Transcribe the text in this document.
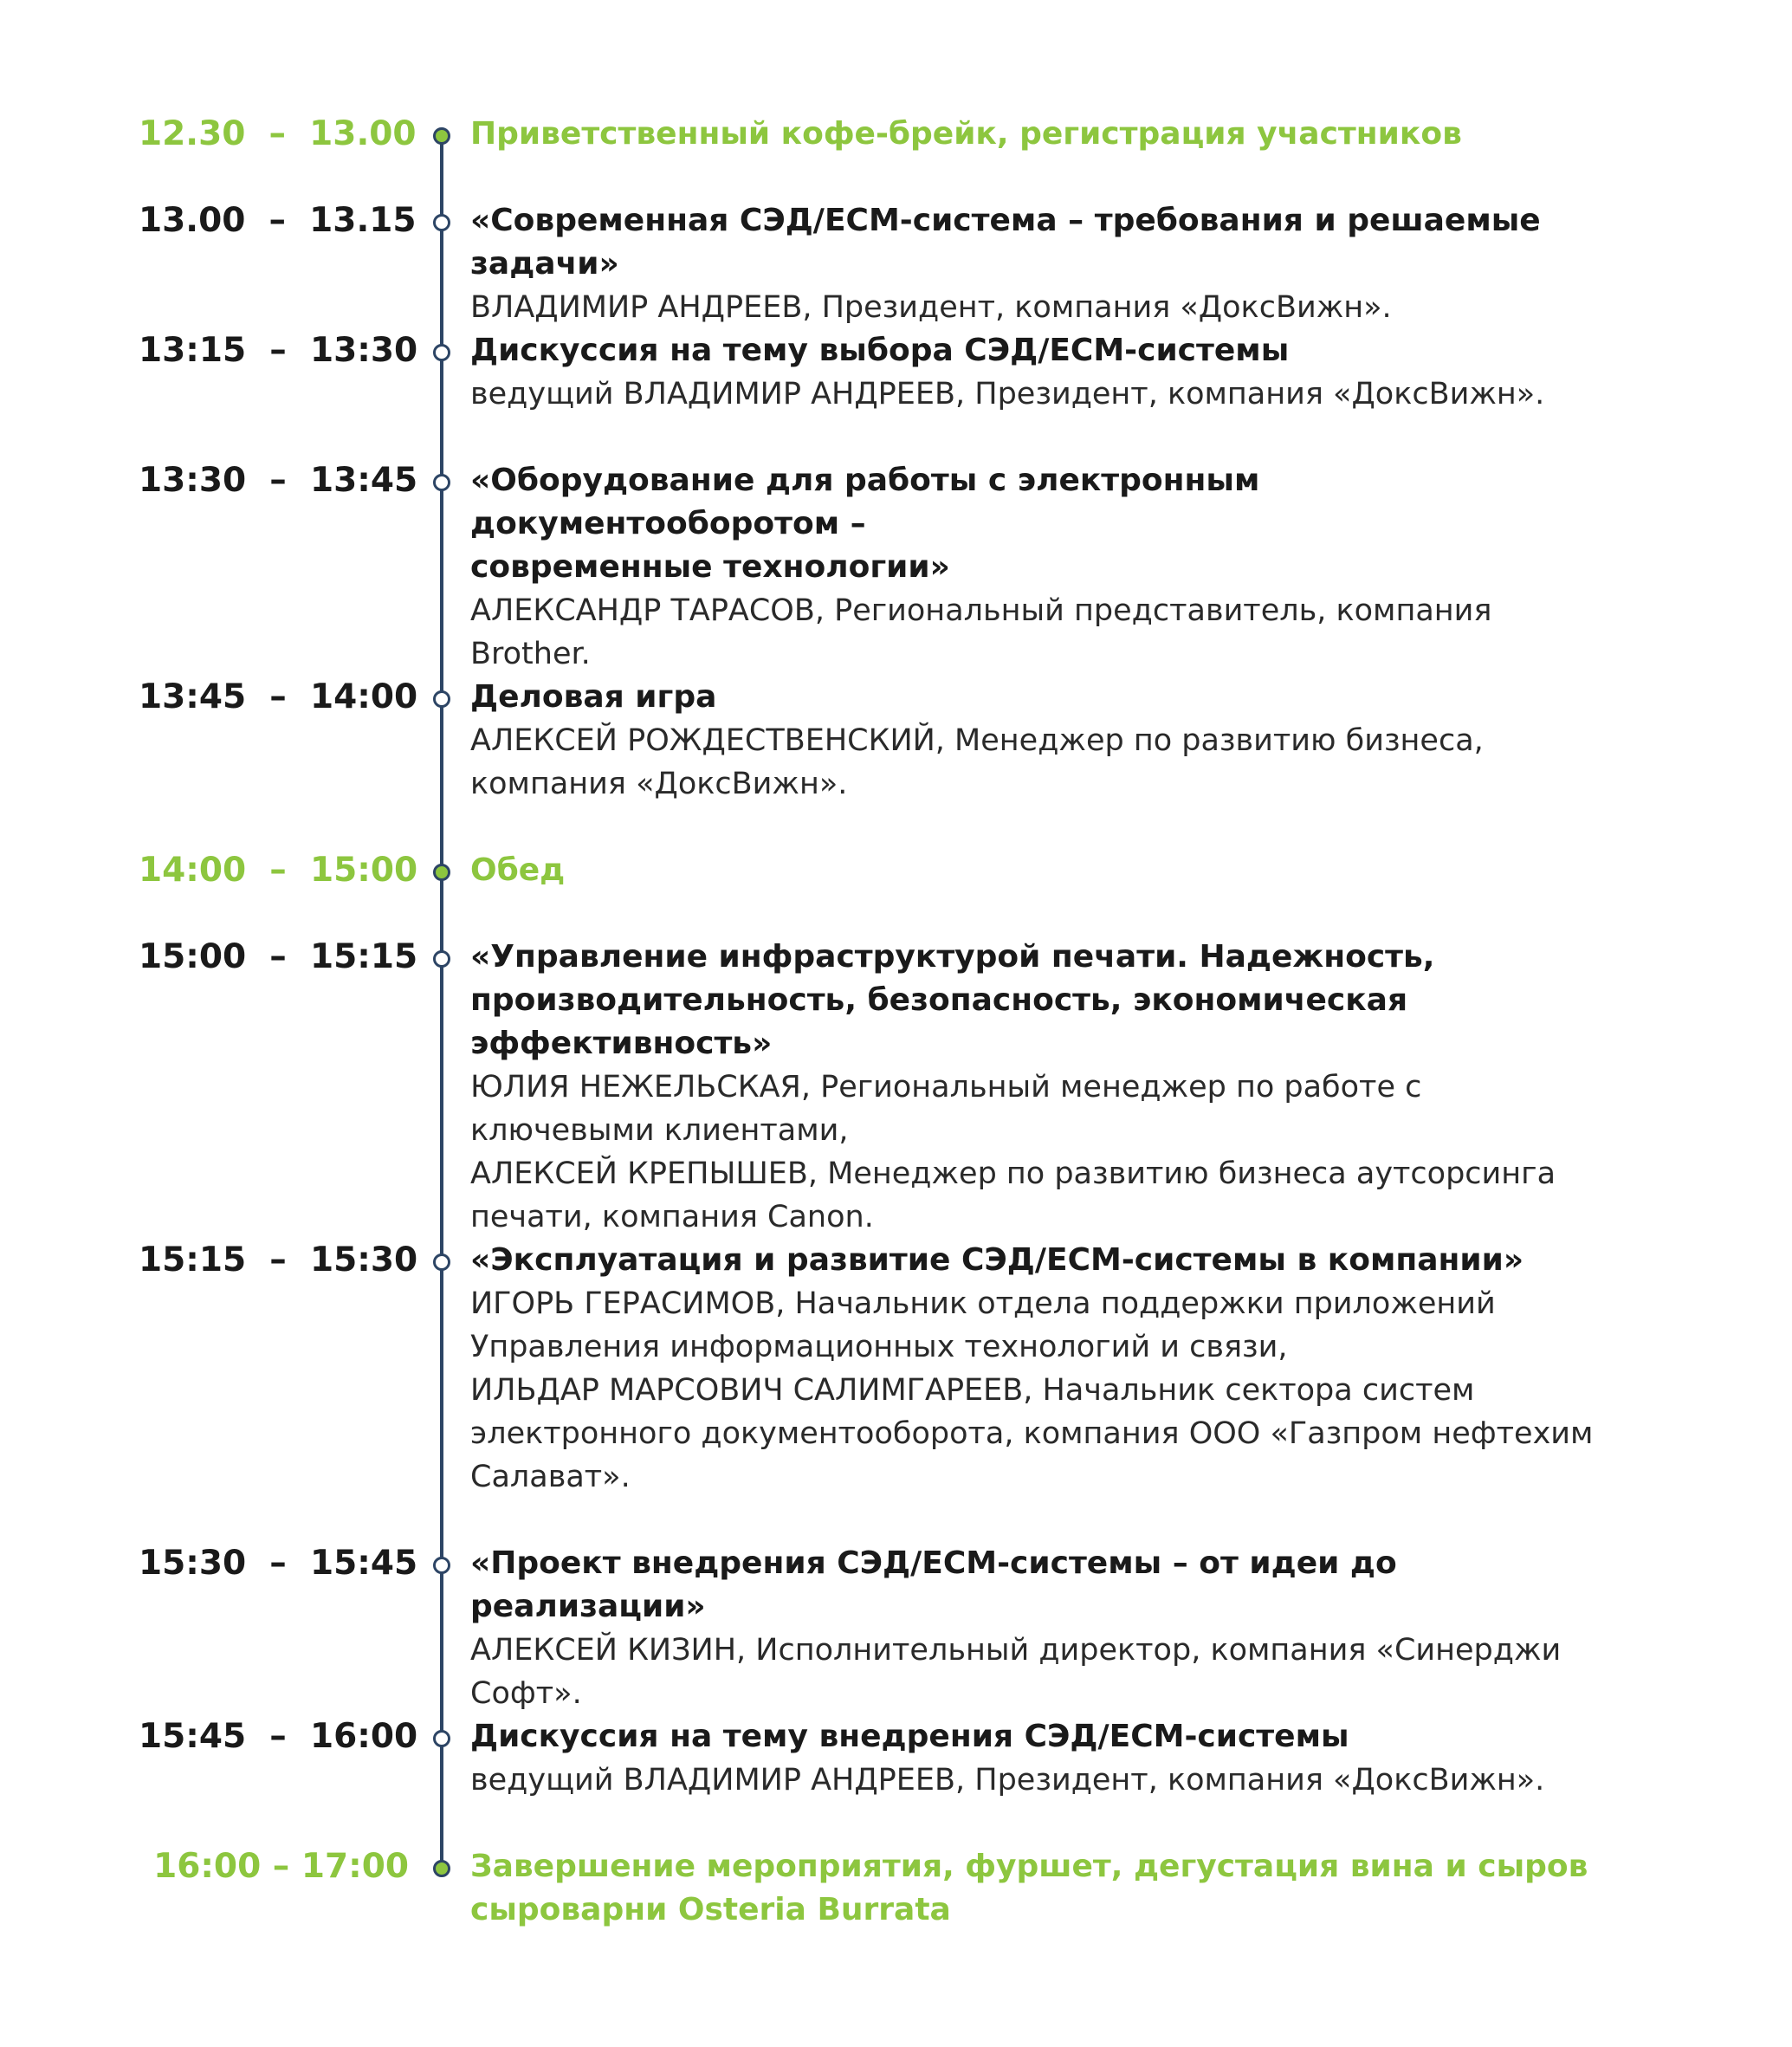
12.30  –  13.00 Приветственный кофе-брейк, регистрация участников

13.00  –  13.15 «Современная СЭД/ЕСМ-система – требования и решаемые задачи»

ВЛАДИМИР АНДРЕЕВ, Президент, компания «ДоксВижн».

13:15  –  13:30 Дискуссия на тему выбора СЭД/ЕСМ-системы

ведущий ВЛАДИМИР АНДРЕЕВ, Президент, компания «ДоксВижн».

13:30  –  13:45 «Оборудование для работы с электронным документооборотом –

современные технологии»

АЛЕКСАНДР ТАРАСОВ, Региональный представитель, компания

Brother.

13:45  –  14:00 Деловая игра

АЛЕКСЕЙ РОЖДЕСТВЕНСКИЙ, Менеджер по развитию бизнеса,

компания «ДоксВижн».

14:00  –  15:00 Обед

15:00  –  15:15 «Управление инфраструктурой печати. Надежность,

производительность, безопасность, экономическая эффективность»

ЮЛИЯ НЕЖЕЛЬСКАЯ, Региональный менеджер по работе с

ключевыми клиентами,

АЛЕКСЕЙ КРЕПЫШЕВ, Менеджер по развитию бизнеса аутсорсинга

печати, компания Canon.

15:15  –  15:30 «Эксплуатация и развитие СЭД/ЕСМ-системы в компании»

ИГОРЬ ГЕРАСИМОВ, Начальник отдела поддержки приложений

Управления информационных технологий и связи,

ИЛЬДАР МАРСОВИЧ САЛИМГАРЕЕВ, Начальник сектора систем

электронного документооборота, компания ООО «Газпром нефтехим

Салават».

15:30  –  15:45 «Проект внедрения СЭД/ЕСМ-системы – от идеи до реализации»

АЛЕКСЕЙ КИЗИН, Исполнительный директор, компания «Синерджи

Софт».

15:45  –  16:00 Дискуссия на тему внедрения СЭД/ЕСМ-системы

ведущий ВЛАДИМИР АНДРЕЕВ, Президент, компания «ДоксВижн».

16:00 – 17:00 Завершение мероприятия, фуршет, дегустация вина и сыров

сыроварни Osteria Burrata
